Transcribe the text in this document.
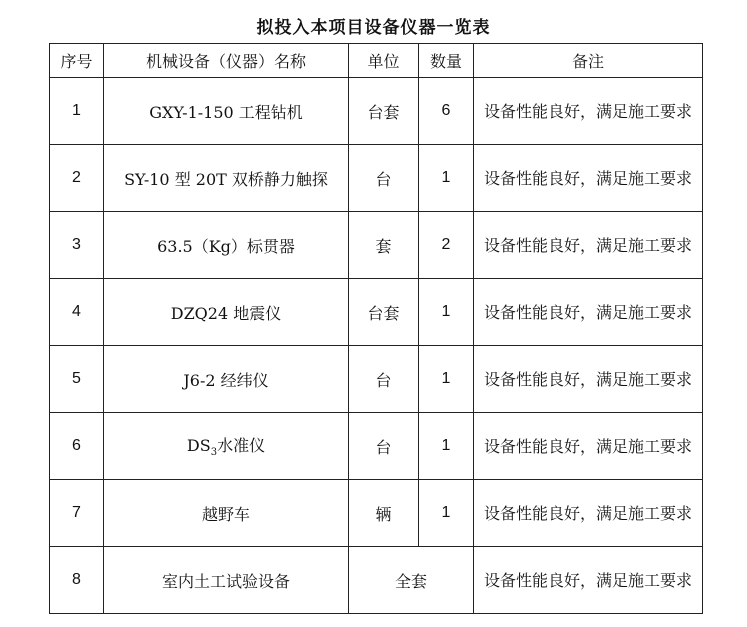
拟投入本项目设备仪器一览表
序号	机械设备（仪器）名称	单位	数量	备注
1	GXY-1-150 工程钻机	台套	6	设备性能良好，满足施工要求
2	SY-10 型 20T 双桥静力触探	台	1	设备性能良好，满足施工要求
3	63.5（Kg）标贯器	套	2	设备性能良好，满足施工要求
4	DZQ24 地震仪	台套	1	设备性能良好，满足施工要求
5	J6-2 经纬仪	台	1	设备性能良好，满足施工要求
6	$DS_3$水准仪	台	1	设备性能良好，满足施工要求
7	越野车	辆	1	设备性能良好，满足施工要求
8	室内土工试验设备	全套		设备性能良好，满足施工要求
